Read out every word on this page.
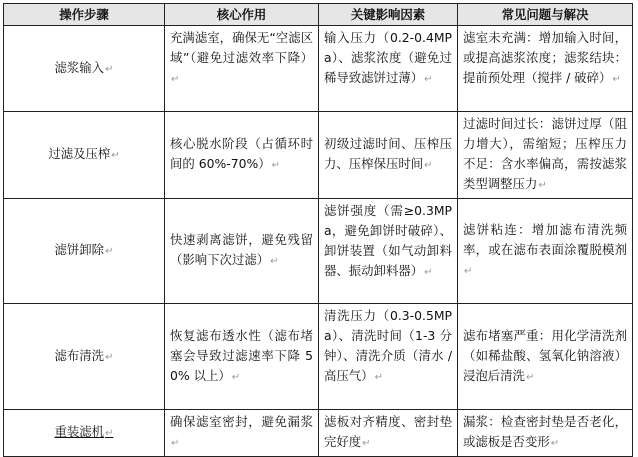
操作步骤	核心作用	关键影响因素	常见问题与解决
滤浆输入 ↵	充满滤室，确保无“空滤区域”（避免过滤效率下降） ↵	输入压力（0.2-0.4MPa）、滤浆浓度（避免过稀导致滤饼过薄） ↵	滤室未充满：增加输入时间，或提高滤浆浓度；滤浆结块：提前预处理（搅拌 / 破碎） ↵
过滤及压榨 ↵	核心脱水阶段（占循环时间的 60%-70%） ↵	初级过滤时间、压榨压力、压榨保压时间 ↵	过滤时间过长：滤饼过厚（阻力增大），需缩短；压榨压力不足：含水率偏高，需按滤浆类型调整压力 ↵
滤饼卸除 ↵	快速剥离滤饼，避免残留（影响下次过滤） ↵	滤饼强度（需≥0.3MPa，避免卸饼时破碎）、卸饼装置（如气动卸料器、振动卸料器） ↵	滤饼粘连：增加滤布清洗频率，或在滤布表面涂覆脱模剂 ↵
滤布清洗 ↵	恢复滤布透水性（滤布堵塞会导致过滤速率下降 50% 以上） ↵	清洗压力（0.3-0.5MPa）、清洗时间（1-3 分钟）、清洗介质（清水 / 高压气） ↵	滤布堵塞严重：用化学清洗剂（如稀盐酸、氢氧化钠溶液）浸泡后清洗 ↵
重装滤机 ↵	确保滤室密封，避免漏浆 ↵	滤板对齐精度、密封垫完好度 ↵	漏浆：检查密封垫是否老化，或滤板是否变形 ↵
